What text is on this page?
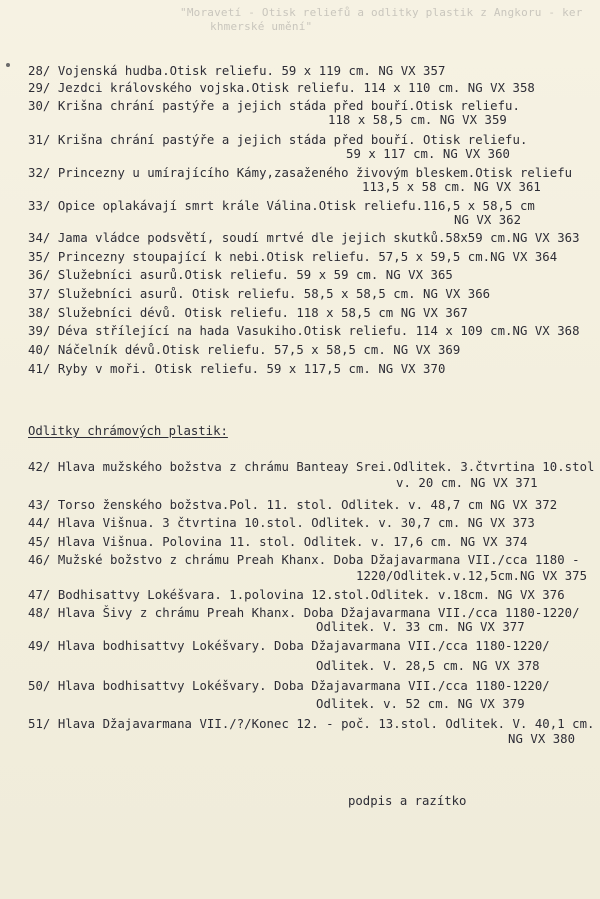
"Moravetí - Otisk reliefů a odlitky plastik z Angkoru - ker
khmerské umění"
28/ Vojenská hudba.Otisk reliefu. 59 x 119 cm. NG VX 357
29/ Jezdci královského vojska.Otisk reliefu. 114 x 110 cm. NG VX 358
30/ Krišna chrání pastýře a jejich stáda před bouří.Otisk reliefu.
118 x 58,5 cm. NG VX 359
31/ Krišna chrání pastýře a jejich stáda před bouří. Otisk reliefu.
59 x 117 cm. NG VX 360
32/ Princezny u umírajícího Kámy,zasaženého živovým bleskem.Otisk reliefu
113,5 x 58 cm. NG VX 361
33/ Opice oplakávají smrt krále Válina.Otisk reliefu.116,5 x 58,5 cm
NG VX 362
34/ Jama vládce podsvětí, soudí mrtvé dle jejich skutků.58x59 cm.NG VX 363
35/ Princezny stoupající k nebi.Otisk reliefu. 57,5 x 59,5 cm.NG VX 364
36/ Služebníci asurů.Otisk reliefu. 59 x 59 cm. NG VX 365
37/ Služebníci asurů. Otisk reliefu. 58,5 x 58,5 cm. NG VX 366
38/ Služebníci dévů. Otisk reliefu. 118 x 58,5 cm NG VX 367
39/ Déva střílející na hada Vasukiho.Otisk reliefu. 114 x 109 cm.NG VX 368
40/ Náčelník dévů.Otisk reliefu. 57,5 x 58,5 cm. NG VX 369
41/ Ryby v moři. Otisk reliefu. 59 x 117,5 cm. NG VX 370
Odlitky chrámových plastik:
42/ Hlava mužského božstva z chrámu Banteay Srei.Odlitek. 3.čtvrtina 10.stol
v. 20 cm. NG VX 371
43/ Torso ženského božstva.Pol. 11. stol. Odlitek. v. 48,7 cm NG VX 372
44/ Hlava Višnua. 3 čtvrtina 10.stol. Odlitek. v. 30,7 cm. NG VX 373
45/ Hlava Višnua. Polovina 11. stol. Odlitek. v. 17,6 cm. NG VX 374
46/ Mužské božstvo z chrámu Preah Khanx. Doba Džajavarmana VII./cca 1180 -
1220/Odlitek.v.12,5cm.NG VX 375
47/ Bodhisattvy Lokéšvara. 1.polovina 12.stol.Odlitek. v.18cm. NG VX 376
48/ Hlava Šivy z chrámu Preah Khanx. Doba Džajavarmana VII./cca 1180-1220/
Odlitek. V. 33 cm. NG VX 377
49/ Hlava bodhisattvy Lokéšvary. Doba Džajavarmana VII./cca 1180-1220/
Odlitek. V. 28,5 cm. NG VX 378
50/ Hlava bodhisattvy Lokéšvary. Doba Džajavarmana VII./cca 1180-1220/
Odlitek. v. 52 cm. NG VX 379
51/ Hlava Džajavarmana VII./?/Konec 12. - poč. 13.stol. Odlitek. V. 40,1 cm.
NG VX 380
podpis a razítko
